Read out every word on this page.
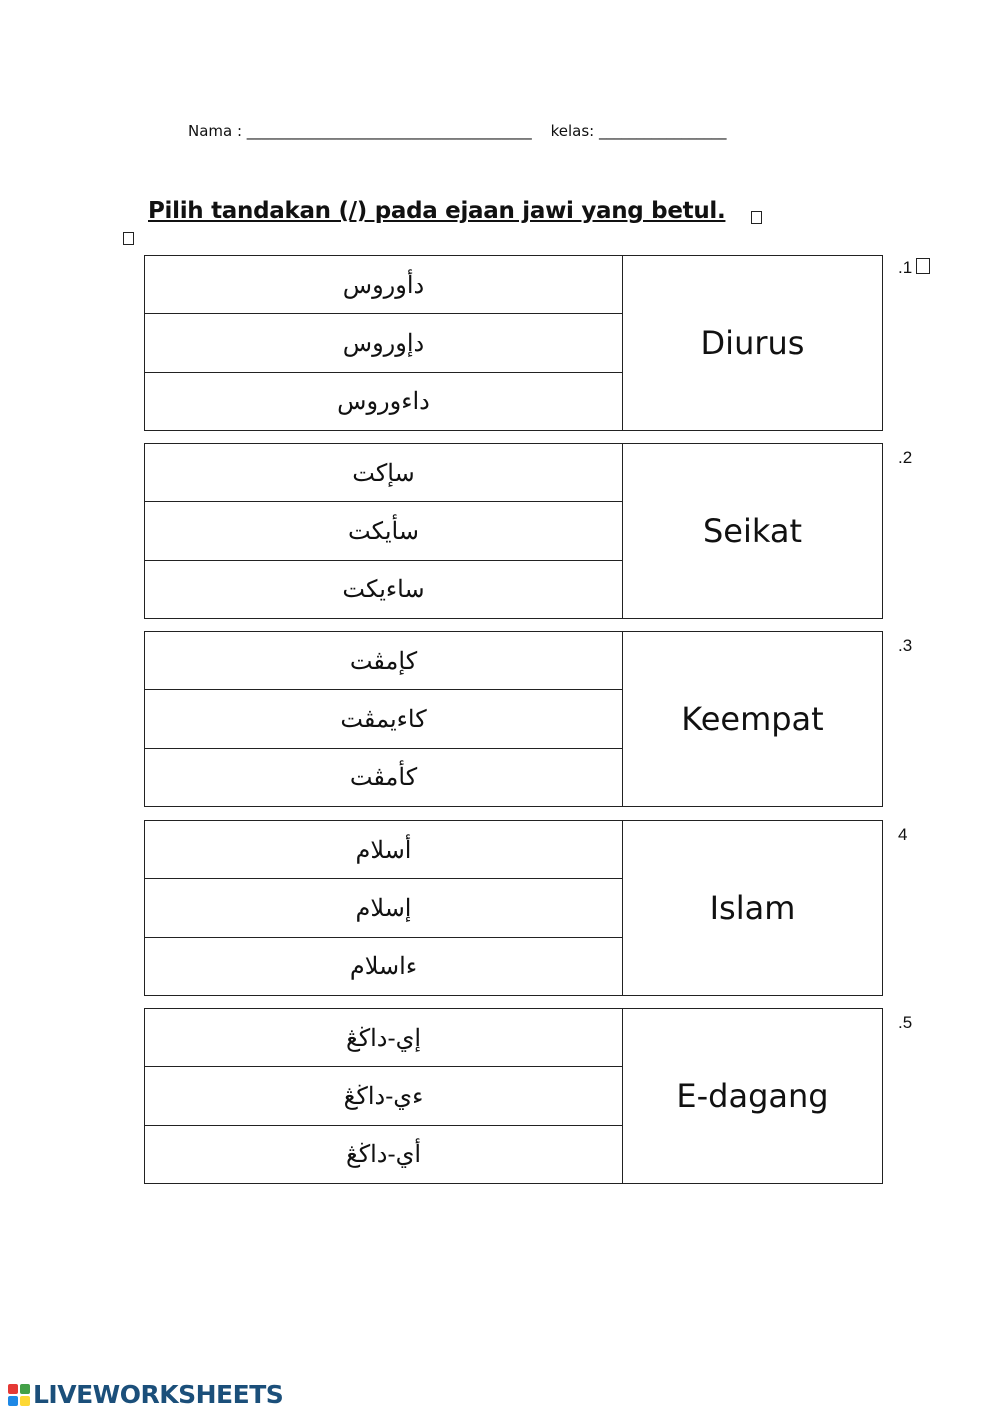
Nama : ______________________________________ kelas: _________________
Pilih tandakan (/) pada ejaan jawi yang betul.
دأوروس
دإوروس
داءوروس
Diurus
.1
سإكت
سأيكت
ساءيكت
Seikat
.2
كإمڤت
كاءيمڤت
كأمڤت
Keempat
.3
أسلام
إسلام
ءاسلام
Islam
4
إي-داڬڠ
ءي-داڬڠ
أي-داڬڠ
E-dagang
.5
LIVEWORKSHEETS
